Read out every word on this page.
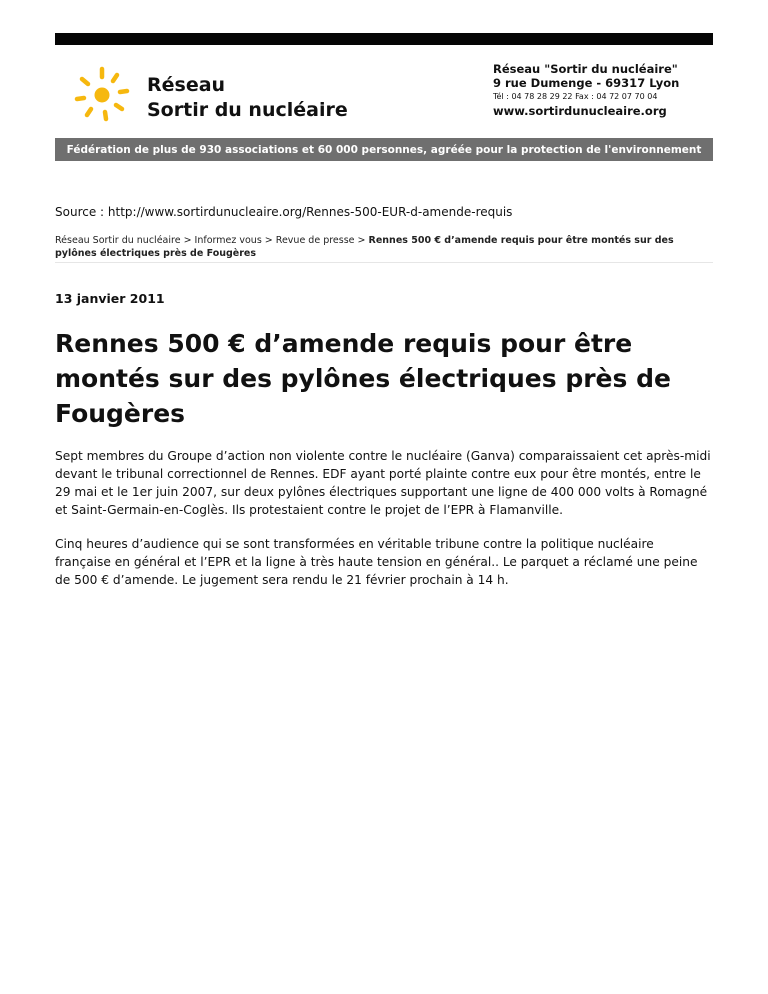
Réseau
Sortir du nucléaire
Réseau "Sortir du nucléaire"
9 rue Dumenge - 69317 Lyon
Tél : 04 78 28 29 22 Fax : 04 72 07 70 04
www.sortirdunucleaire.org
Fédération de plus de 930 associations et 60 000 personnes, agréée pour la protection de l'environnement
Source : http://www.sortirdunucleaire.org/Rennes-500-EUR-d-amende-requis
Réseau Sortir du nucléaire > Informez vous > Revue de presse > Rennes 500 € d’amende requis pour être montés sur des pylônes électriques près de Fougères
13 janvier 2011
Rennes 500 € d’amende requis pour être montés sur des pylônes électriques près de Fougères

Sept membres du Groupe d’action non violente contre le nucléaire (Ganva) comparaissaient cet après-midi devant le tribunal correctionnel de Rennes. EDF ayant porté plainte contre eux pour être montés, entre le 29 mai et le 1er juin 2007, sur deux pylônes électriques supportant une ligne de 400 000 volts à Romagné et Saint-Germain-en-Coglès. Ils protestaient contre le projet de l’EPR à Flamanville.

Cinq heures d’audience qui se sont transformées en véritable tribune contre la politique nucléaire française en général et l’EPR et la ligne à très haute tension en général.. Le parquet a réclamé une peine de 500 € d’amende. Le jugement sera rendu le 21 février prochain à 14 h.
